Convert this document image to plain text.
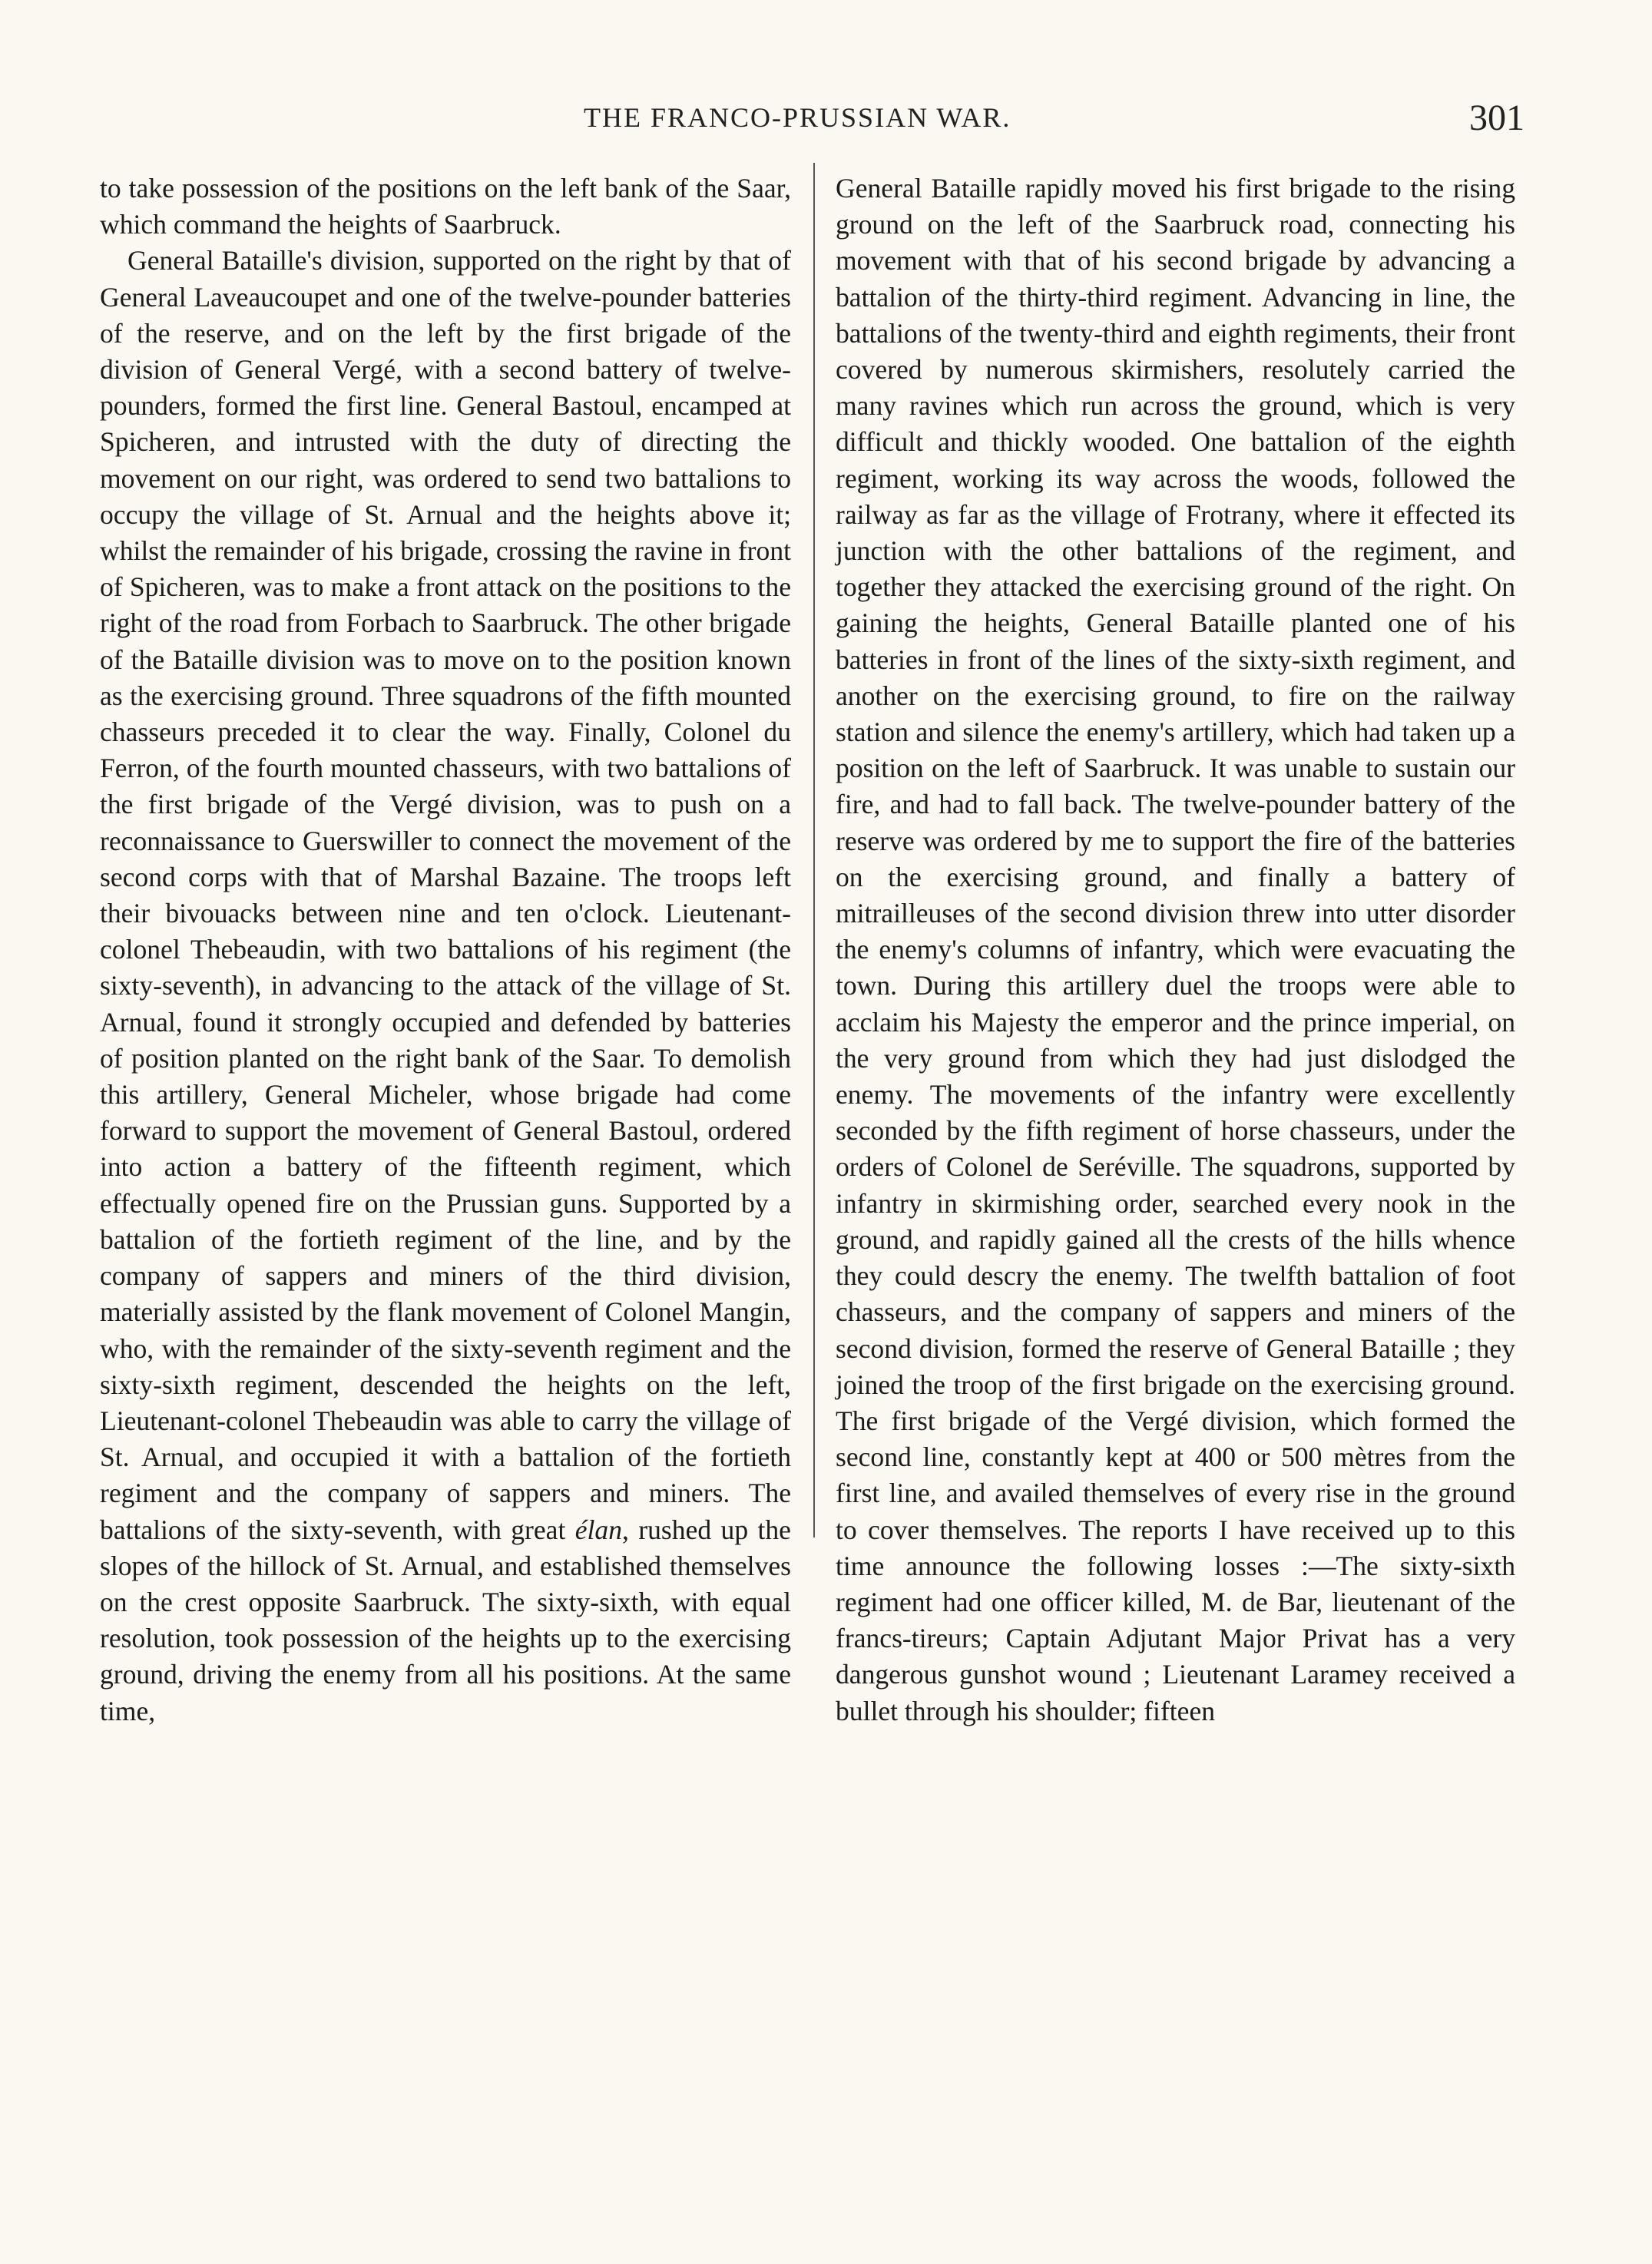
THE FRANCO-PRUSSIAN WAR.	301

to take possession of the positions on the left bank of the Saar, which command the heights of Saarbruck.

General Bataille's division, supported on the right by that of General Laveaucoupet and one of the twelve-pounder batteries of the reserve, and on the left by the first brigade of the division of General Vergé, with a second battery of twelve-pounders, formed the first line. General Bastoul, encamped at Spicheren, and intrusted with the duty of directing the movement on our right, was ordered to send two battalions to occupy the village of St. Arnual and the heights above it; whilst the remainder of his brigade, crossing the ravine in front of Spicheren, was to make a front attack on the positions to the right of the road from Forbach to Saarbruck. The other brigade of the Bataille division was to move on to the position known as the exercising ground. Three squadrons of the fifth mounted chasseurs preceded it to clear the way. Finally, Colonel du Ferron, of the fourth mounted chasseurs, with two battalions of the first brigade of the Vergé division, was to push on a reconnaissance to Guerswiller to connect the movement of the second corps with that of Marshal Bazaine. The troops left their bivouacks between nine and ten o'clock. Lieutenant-colonel Thebeaudin, with two battalions of his regiment (the sixty-seventh), in advancing to the attack of the village of St. Arnual, found it strongly occupied and defended by batteries of position planted on the right bank of the Saar. To demolish this artillery, General Micheler, whose brigade had come forward to support the movement of General Bastoul, ordered into action a battery of the fifteenth regiment, which effectually opened fire on the Prussian guns. Supported by a battalion of the fortieth regiment of the line, and by the company of sappers and miners of the third division, materially assisted by the flank movement of Colonel Mangin, who, with the remainder of the sixty-seventh regiment and the sixty-sixth regiment, descended the heights on the left, Lieutenant-colonel Thebeaudin was able to carry the village of St. Arnual, and occupied it with a battalion of the fortieth regiment and the company of sappers and miners. The battalions of the sixty-seventh, with great élan, rushed up the slopes of the hillock of St. Arnual, and established themselves on the crest opposite Saarbruck. The sixty-sixth, with equal resolution, took possession of the heights up to the exercising ground, driving the enemy from all his positions. At the same time,

General Bataille rapidly moved his first brigade to the rising ground on the left of the Saarbruck road, connecting his movement with that of his second brigade by advancing a battalion of the thirty-third regiment. Advancing in line, the battalions of the twenty-third and eighth regiments, their front covered by numerous skirmishers, resolutely carried the many ravines which run across the ground, which is very difficult and thickly wooded. One battalion of the eighth regiment, working its way across the woods, followed the railway as far as the village of Frotrany, where it effected its junction with the other battalions of the regiment, and together they attacked the exercising ground of the right. On gaining the heights, General Bataille planted one of his batteries in front of the lines of the sixty-sixth regiment, and another on the exercising ground, to fire on the railway station and silence the enemy's artillery, which had taken up a position on the left of Saarbruck. It was unable to sustain our fire, and had to fall back. The twelve-pounder battery of the reserve was ordered by me to support the fire of the batteries on the exercising ground, and finally a battery of mitrailleuses of the second division threw into utter disorder the enemy's columns of infantry, which were evacuating the town. During this artillery duel the troops were able to acclaim his Majesty the emperor and the prince imperial, on the very ground from which they had just dislodged the enemy. The movements of the infantry were excellently seconded by the fifth regiment of horse chasseurs, under the orders of Colonel de Seréville. The squadrons, supported by infantry in skirmishing order, searched every nook in the ground, and rapidly gained all the crests of the hills whence they could descry the enemy. The twelfth battalion of foot chasseurs, and the company of sappers and miners of the second division, formed the reserve of General Bataille ; they joined the troop of the first brigade on the exercising ground. The first brigade of the Vergé division, which formed the second line, constantly kept at 400 or 500 mètres from the first line, and availed themselves of every rise in the ground to cover themselves. The reports I have received up to this time announce the following losses :—The sixty-sixth regiment had one officer killed, M. de Bar, lieutenant of the francs-tireurs; Captain Adjutant Major Privat has a very dangerous gunshot wound ; Lieutenant Laramey received a bullet through his shoulder; fifteen
